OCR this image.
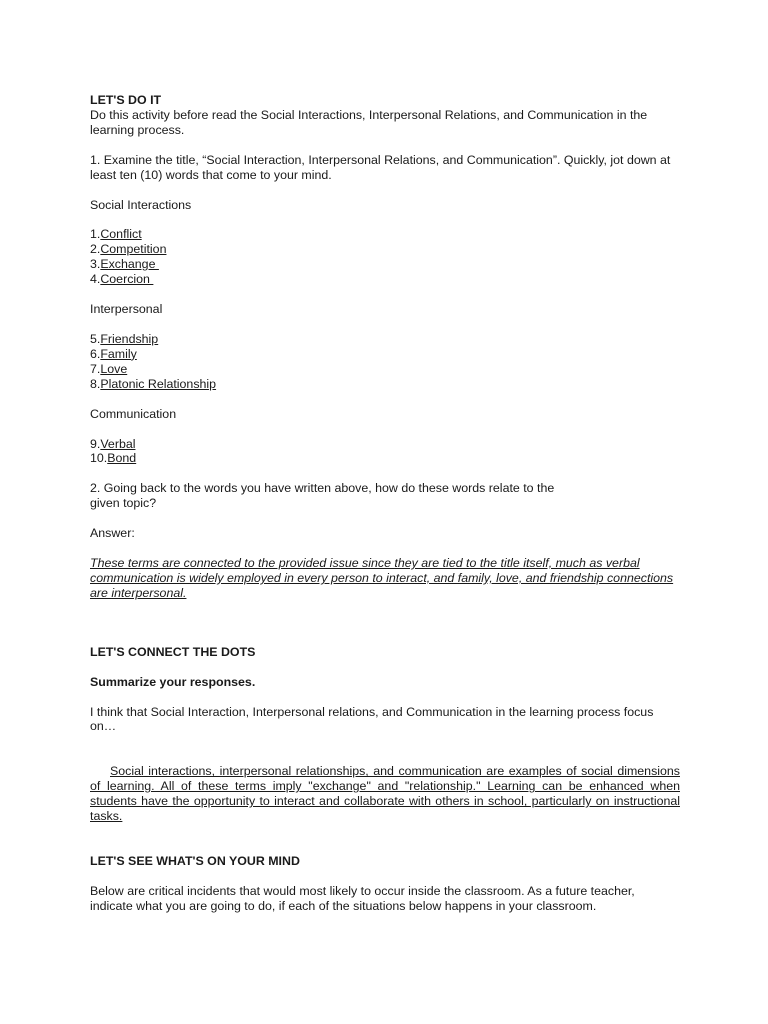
LET'S DO IT

Do this activity before read the Social Interactions, Interpersonal Relations, and Communication in the learning process.

1. Examine the title, “Social Interaction, Interpersonal Relations, and Communication”. Quickly, jot down at least ten (10) words that come to your mind.

Social Interactions

1.Conflict

2.Competition

3.Exchange

4.Coercion

Interpersonal

5.Friendship

6.Family

7.Love

8.Platonic Relationship

Communication

9.Verbal

10.Bond

2. Going back to the words you have written above, how do these words relate to the

given topic?

Answer:

These terms are connected to the provided issue since they are tied to the title itself, much as verbal communication is widely employed in every person to interact, and family, love, and friendship connections are interpersonal.

LET'S CONNECT THE DOTS

Summarize your responses.

I think that Social Interaction, Interpersonal relations, and Communication in the learning process focus on…

Social interactions, interpersonal relationships, and communication are examples of social dimensions of learning. All of these terms imply "exchange" and "relationship." Learning can be enhanced when students have the opportunity to interact and collaborate with others in school, particularly on instructional tasks.

LET'S SEE WHAT'S ON YOUR MIND

Below are critical incidents that would most likely to occur inside the classroom. As a future teacher, indicate what you are going to do, if each of the situations below happens in your classroom.
